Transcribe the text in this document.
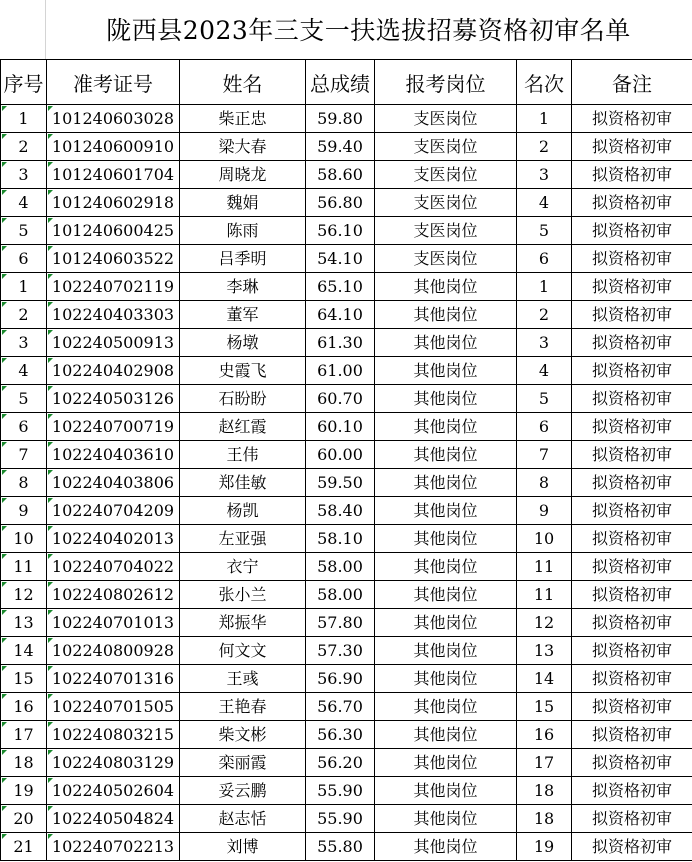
陇西县2023年三支一扶选拔招募资格初审名单
序号	准考证号	姓名	总成绩	报考岗位	名次	备注
1	101240603028	柴正忠	59.80	支医岗位	1	拟资格初审
2	101240600910	梁大春	59.40	支医岗位	2	拟资格初审
3	101240601704	周晓龙	58.60	支医岗位	3	拟资格初审
4	101240602918	魏娟	56.80	支医岗位	4	拟资格初审
5	101240600425	陈雨	56.10	支医岗位	5	拟资格初审
6	101240603522	吕季明	54.10	支医岗位	6	拟资格初审
1	102240702119	李琳	65.10	其他岗位	1	拟资格初审
2	102240403303	董军	64.10	其他岗位	2	拟资格初审
3	102240500913	杨墩	61.30	其他岗位	3	拟资格初审
4	102240402908	史霞飞	61.00	其他岗位	4	拟资格初审
5	102240503126	石盼盼	60.70	其他岗位	5	拟资格初审
6	102240700719	赵红霞	60.10	其他岗位	6	拟资格初审
7	102240403610	王伟	60.00	其他岗位	7	拟资格初审
8	102240403806	郑佳敏	59.50	其他岗位	8	拟资格初审
9	102240704209	杨凯	58.40	其他岗位	9	拟资格初审
10	102240402013	左亚强	58.10	其他岗位	10	拟资格初审
11	102240704022	衣宁	58.00	其他岗位	11	拟资格初审
12	102240802612	张小兰	58.00	其他岗位	11	拟资格初审
13	102240701013	郑振华	57.80	其他岗位	12	拟资格初审
14	102240800928	何文文	57.30	其他岗位	13	拟资格初审
15	102240701316	王彧	56.90	其他岗位	14	拟资格初审
16	102240701505	王艳春	56.70	其他岗位	15	拟资格初审
17	102240803215	柴文彬	56.30	其他岗位	16	拟资格初审
18	102240803129	栾丽霞	56.20	其他岗位	17	拟资格初审
19	102240502604	妥云鹏	55.90	其他岗位	18	拟资格初审
20	102240504824	赵志恬	55.90	其他岗位	18	拟资格初审
21	102240702213	刘博	55.80	其他岗位	19	拟资格初审
